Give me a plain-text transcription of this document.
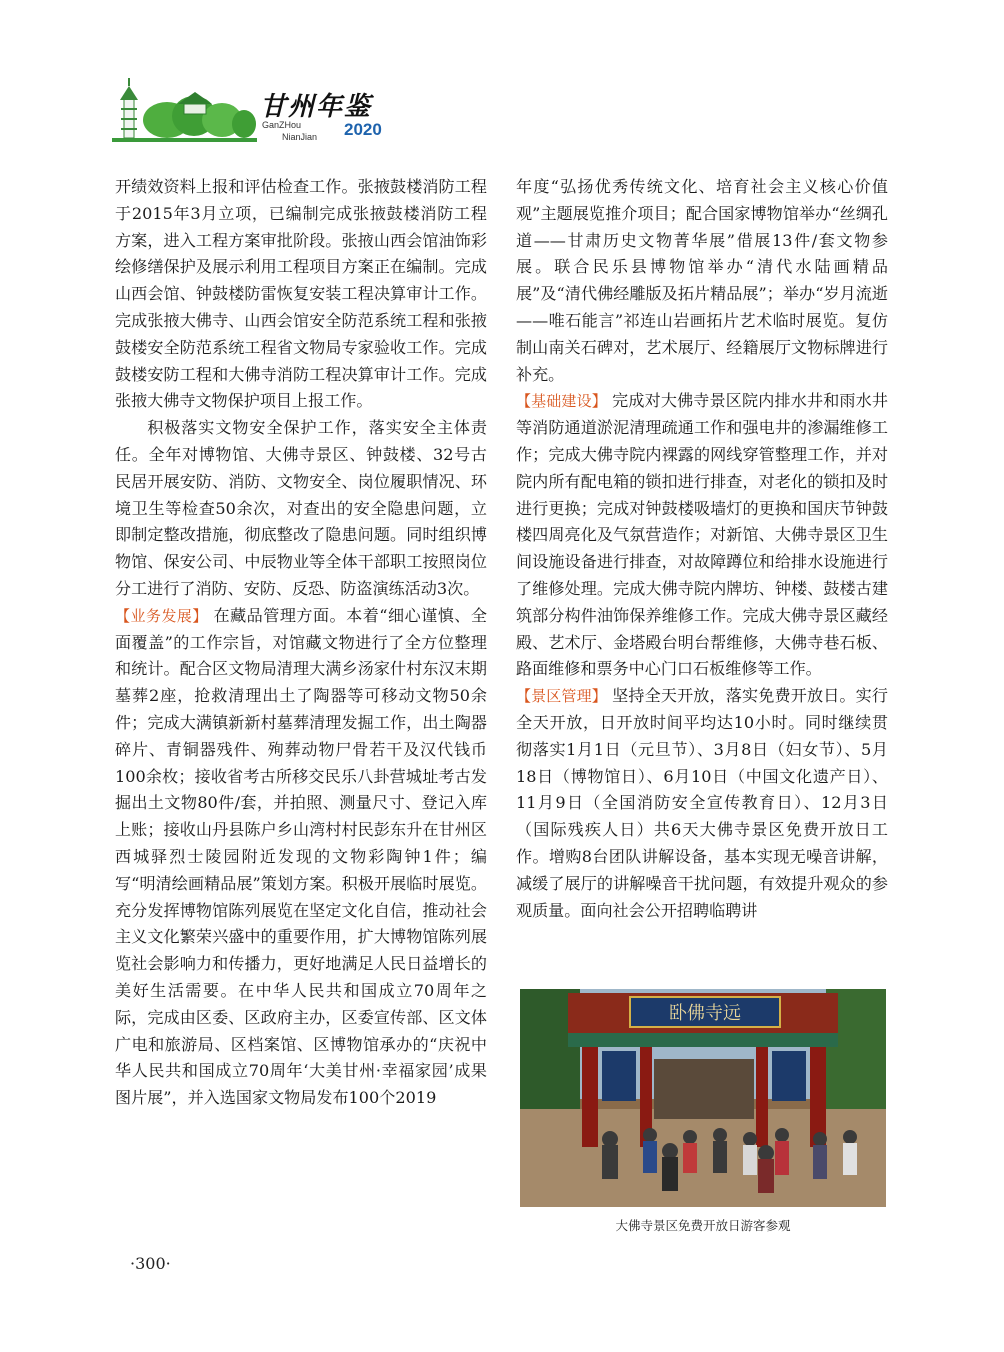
甘州年鉴
GanZHou
NianJian 2020

开绩效资料上报和评估检查工作。张掖鼓楼消防工程于2015年3月立项，已编制完成张掖鼓楼消防工程方案，进入工程方案审批阶段。张掖山西会馆油饰彩绘修缮保护及展示利用工程项目方案正在编制。完成山西会馆、钟鼓楼防雷恢复安装工程决算审计工作。完成张掖大佛寺、山西会馆安全防范系统工程和张掖鼓楼安全防范系统工程省文物局专家验收工作。完成鼓楼安防工程和大佛寺消防工程决算审计工作。完成张掖大佛寺文物保护项目上报工作。

积极落实文物安全保护工作，落实安全主体责任。全年对博物馆、大佛寺景区、钟鼓楼、32号古民居开展安防、消防、文物安全、岗位履职情况、环境卫生等检查50余次，对查出的安全隐患问题，立即制定整改措施，彻底整改了隐患问题。同时组织博物馆、保安公司、中辰物业等全体干部职工按照岗位分工进行了消防、安防、反恐、防盗演练活动3次。

【业务发展】 在藏品管理方面。本着“细心谨慎、全面覆盖”的工作宗旨，对馆藏文物进行了全方位整理和统计。配合区文物局清理大满乡汤家什村东汉末期墓葬2座，抢救清理出土了陶器等可移动文物50余件；完成大满镇新新村墓葬清理发掘工作，出土陶器碎片、青铜器残件、殉葬动物尸骨若干及汉代钱币100余枚；接收省考古所移交民乐八卦营城址考古发掘出土文物80件/套，并拍照、测量尺寸、登记入库上账；接收山丹县陈户乡山湾村村民彭东升在甘州区西城驿烈士陵园附近发现的文物彩陶钟1件；编写“明清绘画精品展”策划方案。积极开展临时展览。充分发挥博物馆陈列展览在坚定文化自信，推动社会主义文化繁荣兴盛中的重要作用，扩大博物馆陈列展览社会影响力和传播力，更好地满足人民日益增长的美好生活需要。在中华人民共和国成立70周年之际，完成由区委、区政府主办，区委宣传部、区文体广电和旅游局、区档案馆、区博物馆承办的“庆祝中华人民共和国成立70周年‘大美甘州·幸福家园’成果图片展”，并入选国家文物局发布100个2019

年度“弘扬优秀传统文化、培育社会主义核心价值观”主题展览推介项目；配合国家博物馆举办“丝绸孔道——甘肃历史文物菁华展”借展13件/套文物参展。联合民乐县博物馆举办“清代水陆画精品展”及“清代佛经雕版及拓片精品展”；举办“岁月流逝——唯石能言”祁连山岩画拓片艺术临时展览。复仿制山南关石碑对，艺术展厅、经籍展厅文物标牌进行补充。

【基础建设】 完成对大佛寺景区院内排水井和雨水井等消防通道淤泥清理疏通工作和强电井的渗漏维修工作；完成大佛寺院内裸露的网线穿管整理工作，并对院内所有配电箱的锁扣进行排查，对老化的锁扣及时进行更换；完成对钟鼓楼吸墙灯的更换和国庆节钟鼓楼四周亮化及气氛营造作；对新馆、大佛寺景区卫生间设施设备进行排查，对故障蹲位和给排水设施进行了维修处理。完成大佛寺院内牌坊、钟楼、鼓楼古建筑部分构件油饰保养维修工作。完成大佛寺景区藏经殿、艺术厅、金塔殿台明台帮维修，大佛寺巷石板、路面维修和票务中心门口石板维修等工作。

【景区管理】 坚持全天开放，落实免费开放日。实行全天开放，日开放时间平均达10小时。同时继续贯彻落实1月1日（元旦节）、3月8日（妇女节）、5月18日（博物馆日）、6月10日（中国文化遗产日）、11月9日（全国消防安全宣传教育日）、12月3日（国际残疾人日）共6天大佛寺景区免费开放日工作。增购8台团队讲解设备，基本实现无噪音讲解，减缓了展厅的讲解噪音干扰问题，有效提升观众的参观质量。面向社会公开招聘临聘讲

卧佛寺远
大佛寺景区免费开放日游客参观
·300·
